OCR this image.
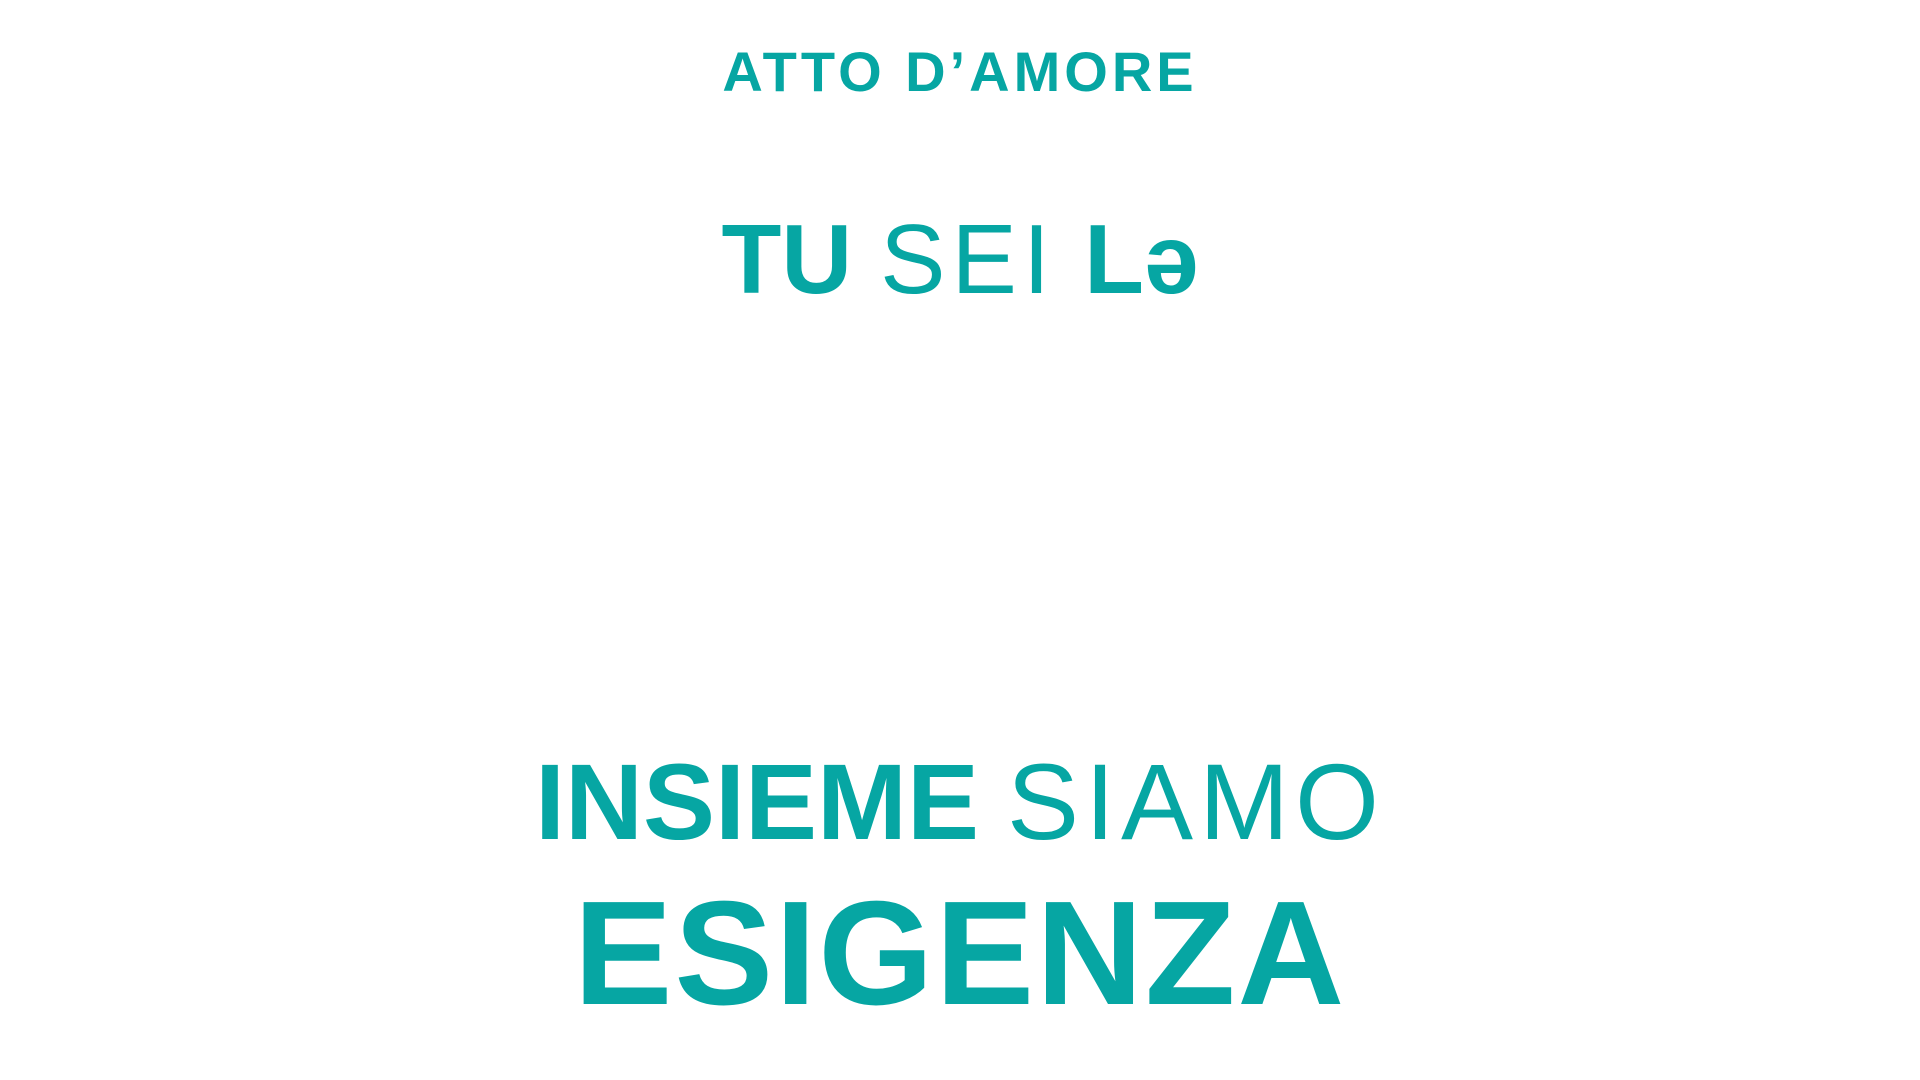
ATTO D’AMORE
TU SEI Lə
INSIEME SIAMO
ESIGENZA
